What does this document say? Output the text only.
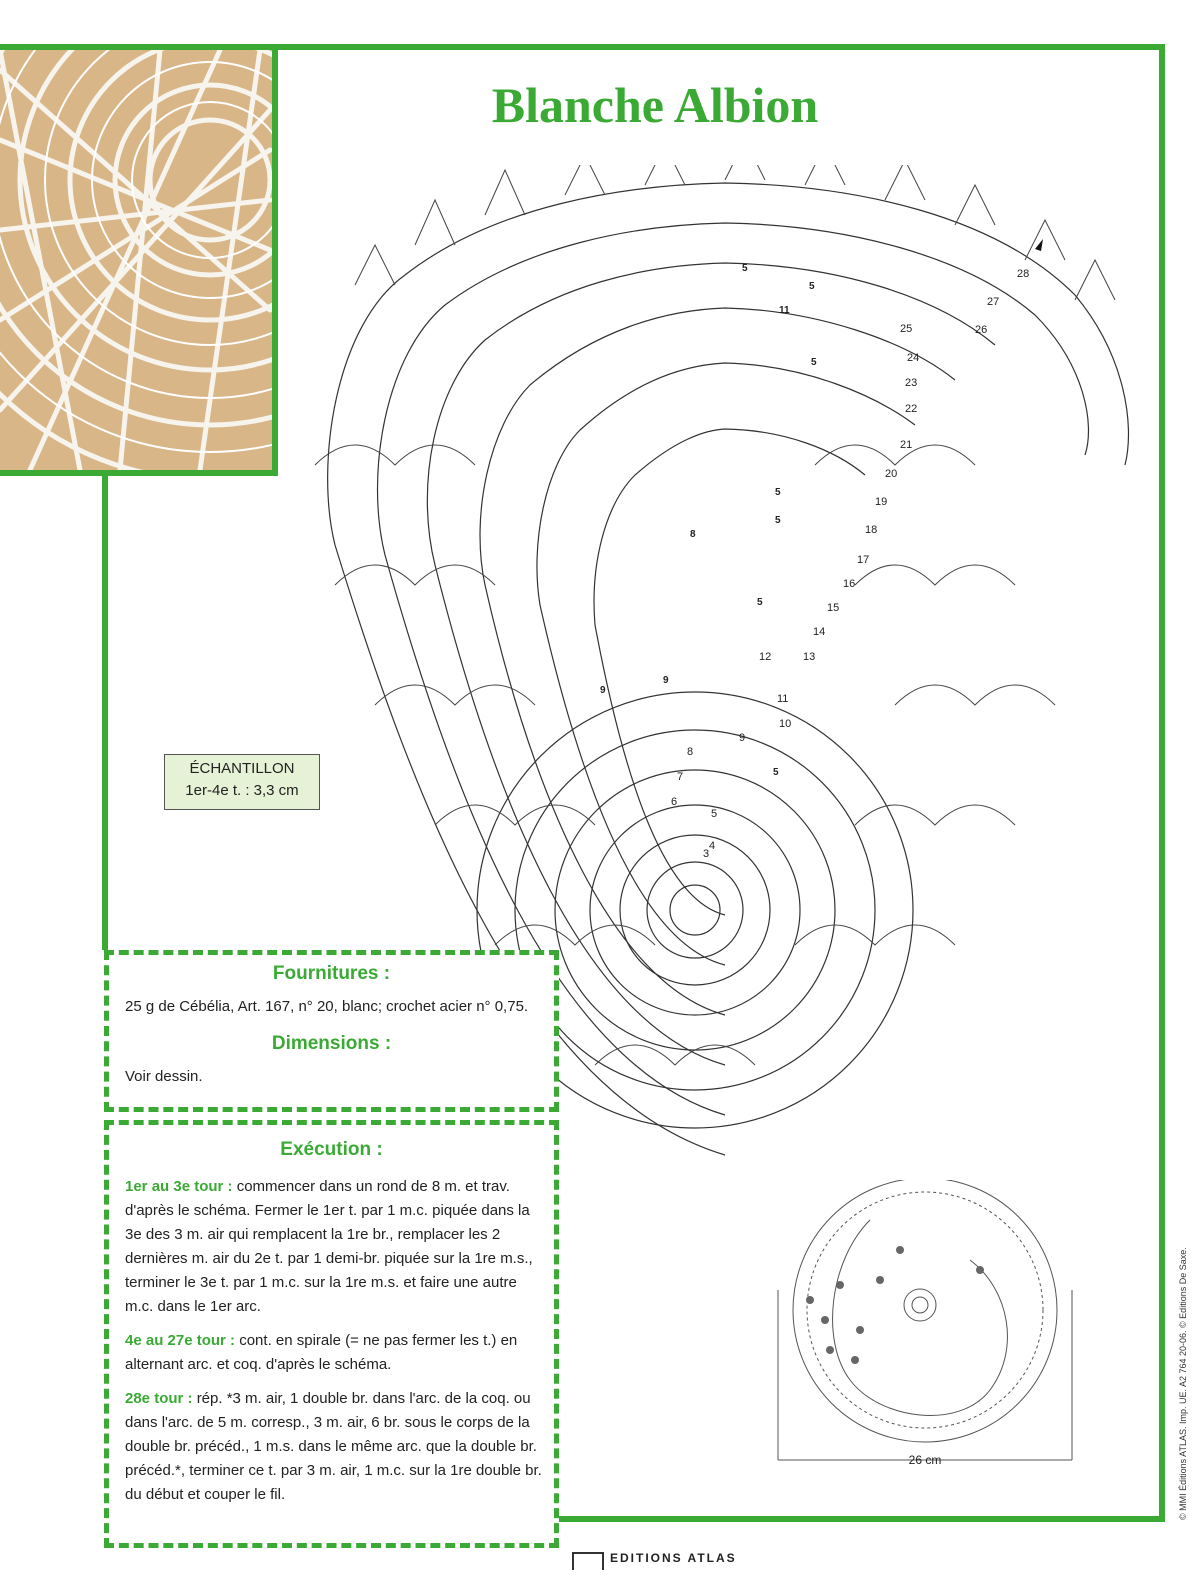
Blanche Albion
28
27
26
25
24
23
22
21
20
19
18
17
16
15
14
13
12
11
10
9
8
7
6
5
4
3
5
5
11
5
5
5
8
9
9
5
5
26 cm
ÉCHANTILLON
1er-4e t. : 3,3 cm
Fournitures :

25 g de Cébélia, Art. 167, n° 20, blanc; crochet acier n° 0,75.

Dimensions :

Voir dessin.

Exécution :

1er au 3e tour : commencer dans un rond de 8 m. et trav. d'après le schéma. Fermer le 1er t. par 1 m.c. piquée dans la 3e des 3 m. air qui remplacent la 1re br., remplacer les 2 dernières m. air du 2e t. par 1 demi-br. piquée sur la 1re m.s., terminer le 3e t. par 1 m.c. sur la 1re m.s. et faire une autre m.c. dans le 1er arc.

4e au 27e tour : cont. en spirale (= ne pas fermer les t.) en alternant arc. et coq. d'après le schéma.

28e tour : rép. *3 m. air, 1 double br. dans l'arc. de la coq. ou dans l'arc. de 5 m. corresp., 3 m. air, 6 br. sous le corps de la double br. précéd., 1 m.s. dans le même arc. que la double br. précéd.*, terminer ce t. par 3 m. air, 1 m.c. sur la 1re double br. du début et couper le fil.	© MMI Éditions ATLAS. Imp. UE. A2 764 20-06. © Editions De Saxe.
EDITIONS ATLAS
